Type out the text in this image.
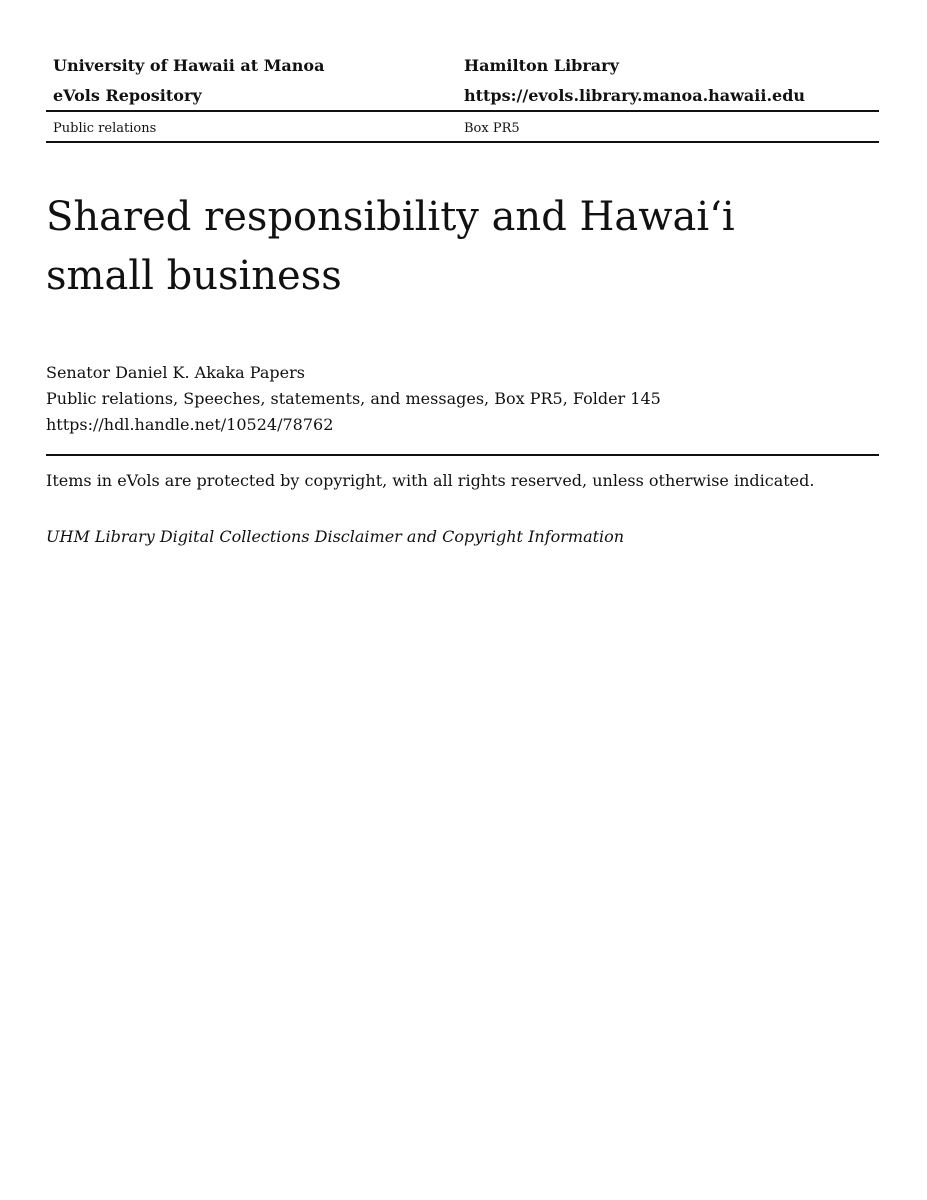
University of Hawaii at Manoa	Hamilton Library
eVols Repository	https://evols.library.manoa.hawaii.edu
Public relations	Box PR5
Shared responsibility and Hawai‘i
small business
Senator Daniel K. Akaka Papers
Public relations, Speeches, statements, and messages, Box PR5, Folder 145
https://hdl.handle.net/10524/78762
Items in eVols are protected by copyright, with all rights reserved, unless otherwise indicated.
UHM Library Digital Collections Disclaimer and Copyright Information
